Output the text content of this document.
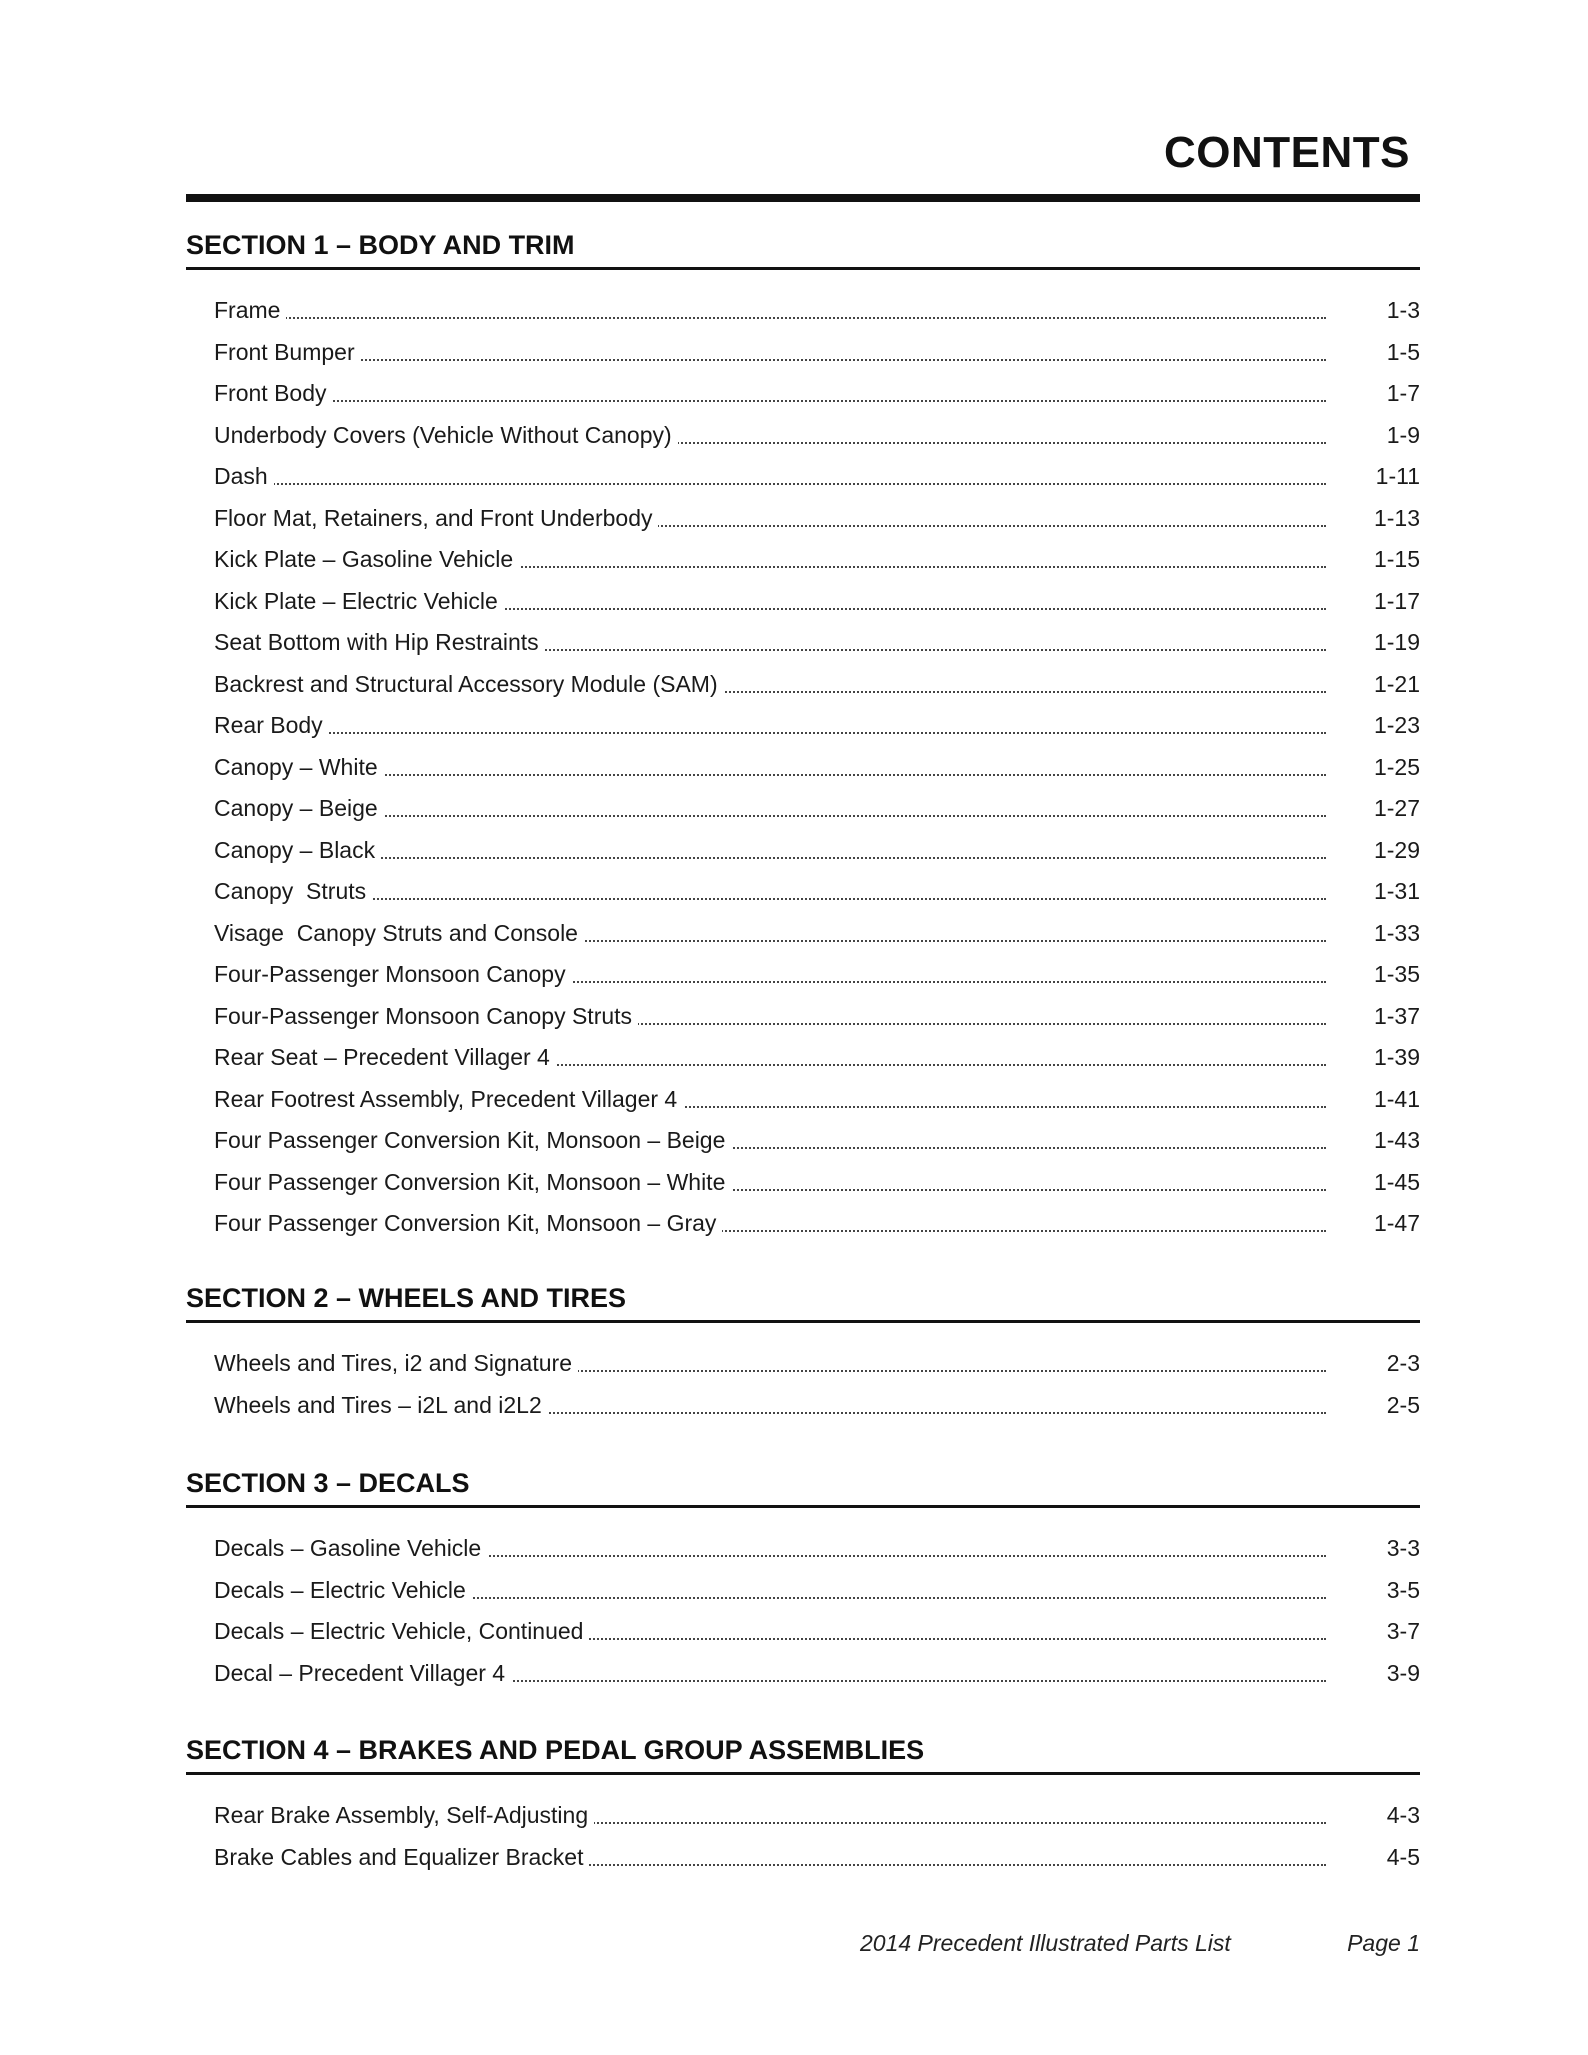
CONTENTS
SECTION 1 – BODY AND TRIM
Frame	1-3
Front Bumper	1-5
Front Body	1-7
Underbody Covers (Vehicle Without Canopy)	1-9
Dash	1-11
Floor Mat, Retainers, and Front Underbody	1-13
Kick Plate – Gasoline Vehicle	1-15
Kick Plate – Electric Vehicle	1-17
Seat Bottom with Hip Restraints	1-19
Backrest and Structural Accessory Module (SAM)	1-21
Rear Body	1-23
Canopy – White	1-25
Canopy – Beige	1-27
Canopy – Black	1-29
Canopy  Struts	1-31
Visage  Canopy Struts and Console	1-33
Four-Passenger Monsoon Canopy	1-35
Four-Passenger Monsoon Canopy Struts	1-37
Rear Seat – Precedent Villager 4	1-39
Rear Footrest Assembly, Precedent Villager 4	1-41
Four Passenger Conversion Kit, Monsoon – Beige	1-43
Four Passenger Conversion Kit, Monsoon – White	1-45
Four Passenger Conversion Kit, Monsoon – Gray	1-47
SECTION 2 – WHEELS AND TIRES
Wheels and Tires, i2 and Signature	2-3
Wheels and Tires – i2L and i2L2	2-5
SECTION 3 – DECALS
Decals – Gasoline Vehicle	3-3
Decals – Electric Vehicle	3-5
Decals – Electric Vehicle, Continued	3-7
Decal – Precedent Villager 4	3-9
SECTION 4 – BRAKES AND PEDAL GROUP ASSEMBLIES
Rear Brake Assembly, Self-Adjusting	4-3
Brake Cables and Equalizer Bracket	4-5

2014 Precedent Illustrated Parts List	Page 1
